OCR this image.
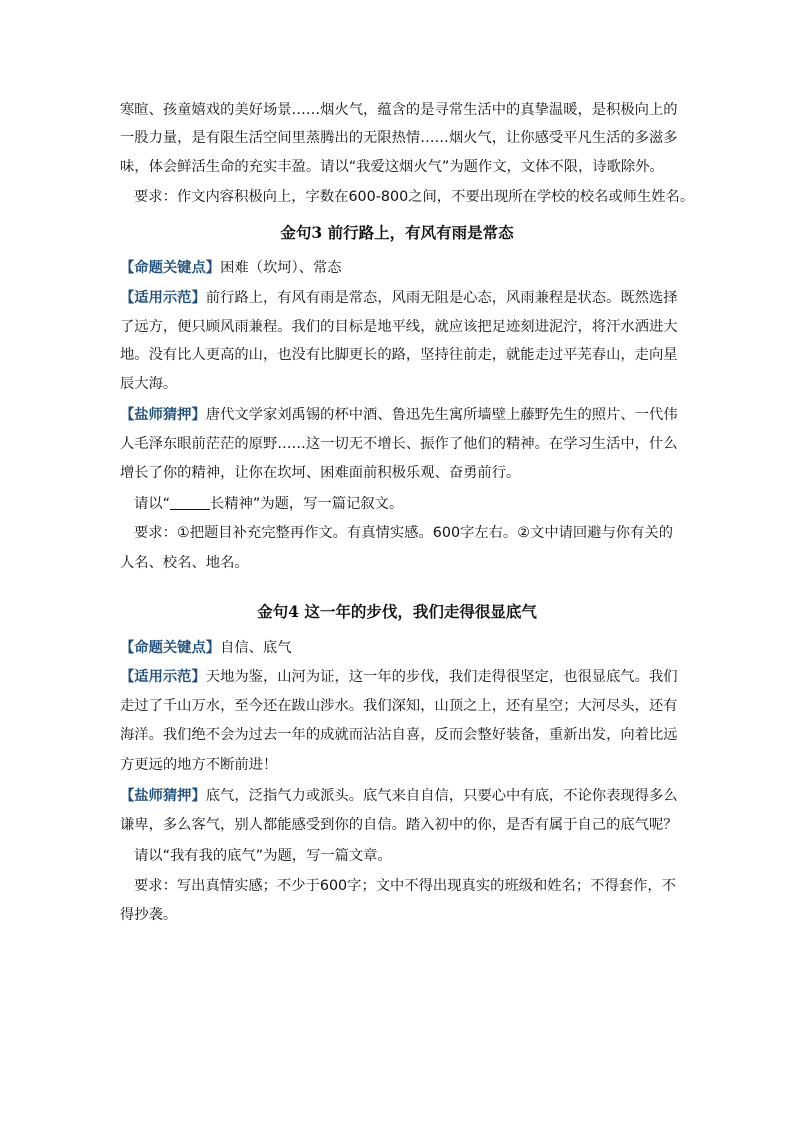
寒暄、孩童嬉戏的美好场景……烟火气，蕴含的是寻常生活中的真挚温暖，是积极向上的
一股力量，是有限生活空间里蒸腾出的无限热情……烟火气，让你感受平凡生活的多滋多
味，体会鲜活生命的充实丰盈。请以“我爱这烟火气”为题作文，文体不限，诗歌除外。
要求：作文内容积极向上，字数在600-800之间，不要出现所在学校的校名或师生姓名。
金句3 前行路上，有风有雨是常态
【命题关键点】困难（坎坷）、常态
【适用示范】前行路上，有风有雨是常态，风雨无阻是心态，风雨兼程是状态。既然选择
了远方，便只顾风雨兼程。我们的目标是地平线，就应该把足迹刻进泥泞，将汗水洒进大
地。没有比人更高的山，也没有比脚更长的路，坚持往前走，就能走过平芜春山，走向星
辰大海。
【盐师猜押】唐代文学家刘禹锡的杯中酒、鲁迅先生寓所墙壁上藤野先生的照片、一代伟
人毛泽东眼前茫茫的原野……这一切无不增长、振作了他们的精神。在学习生活中，什么
增长了你的精神，让你在坎坷、困难面前积极乐观、奋勇前行。
请以“	长精神”为题，写一篇记叙文。
要求：①把题目补充完整再作文。有真情实感。600字左右。②文中请回避与你有关的
人名、校名、地名。
金句4 这一年的步伐，我们走得很显底气
【命题关键点】自信、底气
【适用示范】天地为鉴，山河为证，这一年的步伐，我们走得很坚定，也很显底气。我们
走过了千山万水，至今还在跋山涉水。我们深知，山顶之上，还有星空；大河尽头，还有
海洋。我们绝不会为过去一年的成就而沾沾自喜，反而会整好装备，重新出发，向着比远
方更远的地方不断前进！
【盐师猜押】底气，泛指气力或派头。底气来自自信，只要心中有底，不论你表现得多么
谦卑，多么客气，别人都能感受到你的自信。踏入初中的你，是否有属于自己的底气呢？
请以“我有我的底气”为题，写一篇文章。
要求：写出真情实感；不少于600字；文中不得出现真实的班级和姓名；不得套作，不
得抄袭。
